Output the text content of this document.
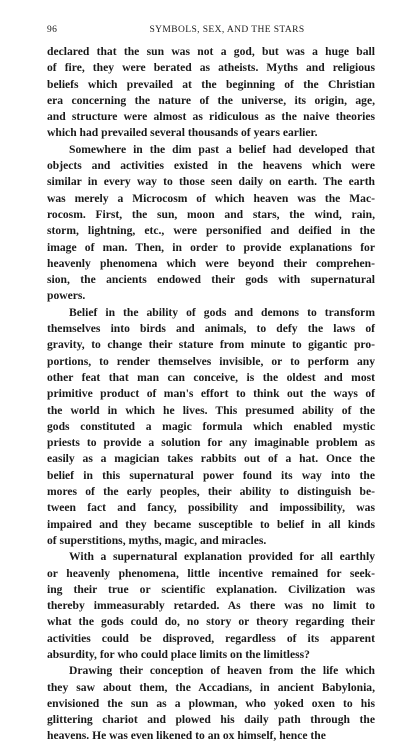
96	SYMBOLS, SEX, AND THE STARS
declared that the sun was not a god, but was a huge ball
of fire, they were berated as atheists. Myths and religious
beliefs which prevailed at the beginning of the Christian
era concerning the nature of the universe, its origin, age,
and structure were almost as ridiculous as the naive theories
which had prevailed several thousands of years earlier.
Somewhere in the dim past a belief had developed that
objects and activities existed in the heavens which were
similar in every way to those seen daily on earth. The earth
was merely a Microcosm of which heaven was the Mac-
rocosm. First, the sun, moon and stars, the wind, rain,
storm, lightning, etc., were personified and deified in the
image of man. Then, in order to provide explanations for
heavenly phenomena which were beyond their comprehen-
sion, the ancients endowed their gods with supernatural
powers.
Belief in the ability of gods and demons to transform
themselves into birds and animals, to defy the laws of
gravity, to change their stature from minute to gigantic pro-
portions, to render themselves invisible, or to perform any
other feat that man can conceive, is the oldest and most
primitive product of man's effort to think out the ways of
the world in which he lives. This presumed ability of the
gods constituted a magic formula which enabled mystic
priests to provide a solution for any imaginable problem as
easily as a magician takes rabbits out of a hat. Once the
belief in this supernatural power found its way into the
mores of the early peoples, their ability to distinguish be-
tween fact and fancy, possibility and impossibility, was
impaired and they became susceptible to belief in all kinds
of superstitions, myths, magic, and miracles.
With a supernatural explanation provided for all earthly
or heavenly phenomena, little incentive remained for seek-
ing their true or scientific explanation. Civilization was
thereby immeasurably retarded. As there was no limit to
what the gods could do, no story or theory regarding their
activities could be disproved, regardless of its apparent
absurdity, for who could place limits on the limitless?
Drawing their conception of heaven from the life which
they saw about them, the Accadians, in ancient Babylonia,
envisioned the sun as a plowman, who yoked oxen to his
glittering chariot and plowed his daily path through the
heavens. He was even likened to an ox himself, hence the
